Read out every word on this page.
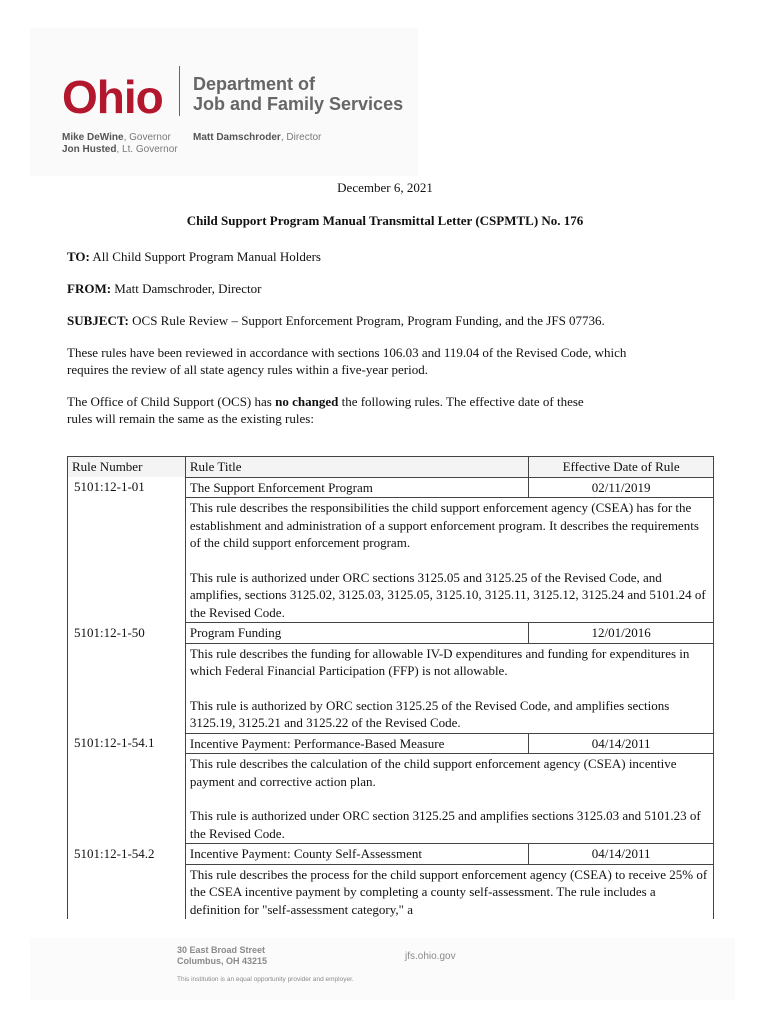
Ohio Department of
Job and Family Services
Mike DeWine, Governor
Jon Husted, Lt. Governor
Matt Damschroder, Director
December 6, 2021
Child Support Program Manual Transmittal Letter (CSPMTL) No. 176
TO: All Child Support Program Manual Holders
FROM: Matt Damschroder, Director
SUBJECT: OCS Rule Review – Support Enforcement Program, Program Funding, and the JFS 07736.
These rules have been reviewed in accordance with sections 106.03 and 119.04 of the Revised Code, which
requires the review of all state agency rules within a five-year period.
The Office of Child Support (OCS) has no changed the following rules. The effective date of these
rules will remain the same as the existing rules:
Rule Number	Rule Title	Effective Date of Rule
5101:12-1-01	The Support Enforcement Program	02/11/2019

	This rule describes the responsibilities the child support enforcement agency (CSEA) has for the establishment and administration of a support enforcement program. It describes the requirements of the child support enforcement program.

This rule is authorized under ORC sections 3125.05 and 3125.25 of the Revised Code, and amplifies, sections 3125.02, 3125.03, 3125.05, 3125.10, 3125.11, 3125.12, 3125.24 and 5101.24 of the Revised Code.	

5101:12-1-50	Program Funding	12/01/2016

	This rule describes the funding for allowable IV-D expenditures and funding for expenditures in which Federal Financial Participation (FFP) is not allowable.

This rule is authorized by ORC section 3125.25 of the Revised Code, and amplifies sections 3125.19, 3125.21 and 3125.22 of the Revised Code.	

5101:12-1-54.1	Incentive Payment: Performance-Based Measure	04/14/2011

	This rule describes the calculation of the child support enforcement agency (CSEA) incentive payment and corrective action plan.

This rule is authorized under ORC section 3125.25 and amplifies sections 3125.03 and 5101.23 of the Revised Code.	

5101:12-1-54.2	Incentive Payment: County Self-Assessment	04/14/2011

	This rule describes the process for the child support enforcement agency (CSEA) to receive 25% of the CSEA incentive payment by completing a county self-assessment. The rule includes a definition for "self-assessment category," a	

30 East Broad Street
Columbus, OH 43215	jfs.ohio.gov
This institution is an equal opportunity provider and employer.
